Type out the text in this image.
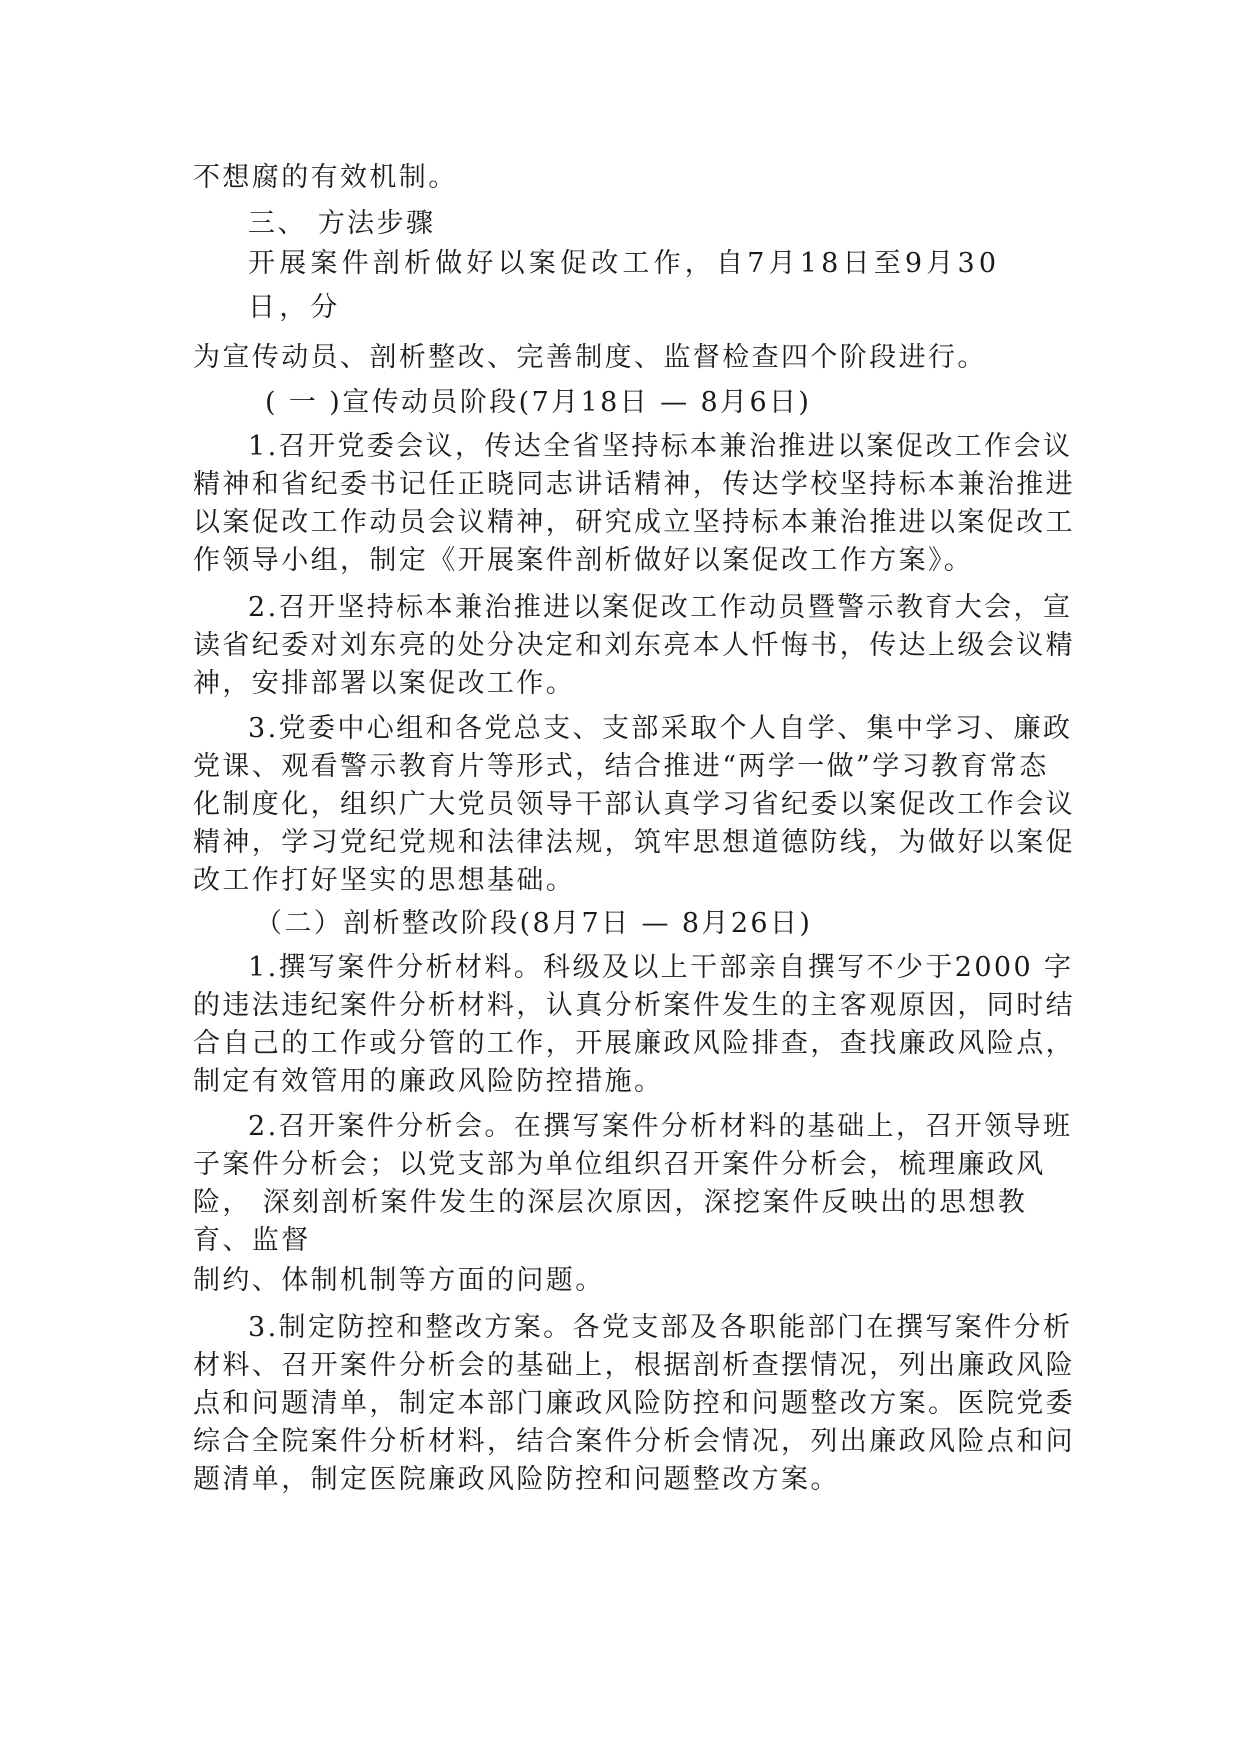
不想腐的有效机制。
三、 方法步骤
开展案件剖析做好以案促改工作，自7月18日至9月30
日，分
为宣传动员、剖析整改、完善制度、监督检查四个阶段进行。
( 一 )宣传动员阶段(7月18日 — 8月6日)
1.召开党委会议，传达全省坚持标本兼治推进以案促改工作会议
精神和省纪委书记任正晓同志讲话精神，传达学校坚持标本兼治推进
以案促改工作动员会议精神，研究成立坚持标本兼治推进以案促改工
作领导小组，制定《开展案件剖析做好以案促改工作方案》。
2.召开坚持标本兼治推进以案促改工作动员暨警示教育大会，宣
读省纪委对刘东亮的处分决定和刘东亮本人忏悔书，传达上级会议精
神，安排部署以案促改工作。
3.党委中心组和各党总支、支部采取个人自学、集中学习、廉政
党课、观看警示教育片等形式，结合推进“两学一做”学习教育常态
化制度化，组织广大党员领导干部认真学习省纪委以案促改工作会议
精神，学习党纪党规和法律法规，筑牢思想道德防线，为做好以案促
改工作打好坚实的思想基础。
（二）剖析整改阶段(8月7日 — 8月26日)
1.撰写案件分析材料。科级及以上干部亲自撰写不少于2000 字
的违法违纪案件分析材料，认真分析案件发生的主客观原因，同时结
合自己的工作或分管的工作，开展廉政风险排查，查找廉政风险点，
制定有效管用的廉政风险防控措施。
2.召开案件分析会。在撰写案件分析材料的基础上，召开领导班
子案件分析会；以党支部为单位组织召开案件分析会，梳理廉政风
险， 深刻剖析案件发生的深层次原因，深挖案件反映出的思想教
育、监督
制约、体制机制等方面的问题。
3.制定防控和整改方案。各党支部及各职能部门在撰写案件分析
材料、召开案件分析会的基础上，根据剖析查摆情况，列出廉政风险
点和问题清单，制定本部门廉政风险防控和问题整改方案。医院党委
综合全院案件分析材料，结合案件分析会情况，列出廉政风险点和问
题清单，制定医院廉政风险防控和问题整改方案。
